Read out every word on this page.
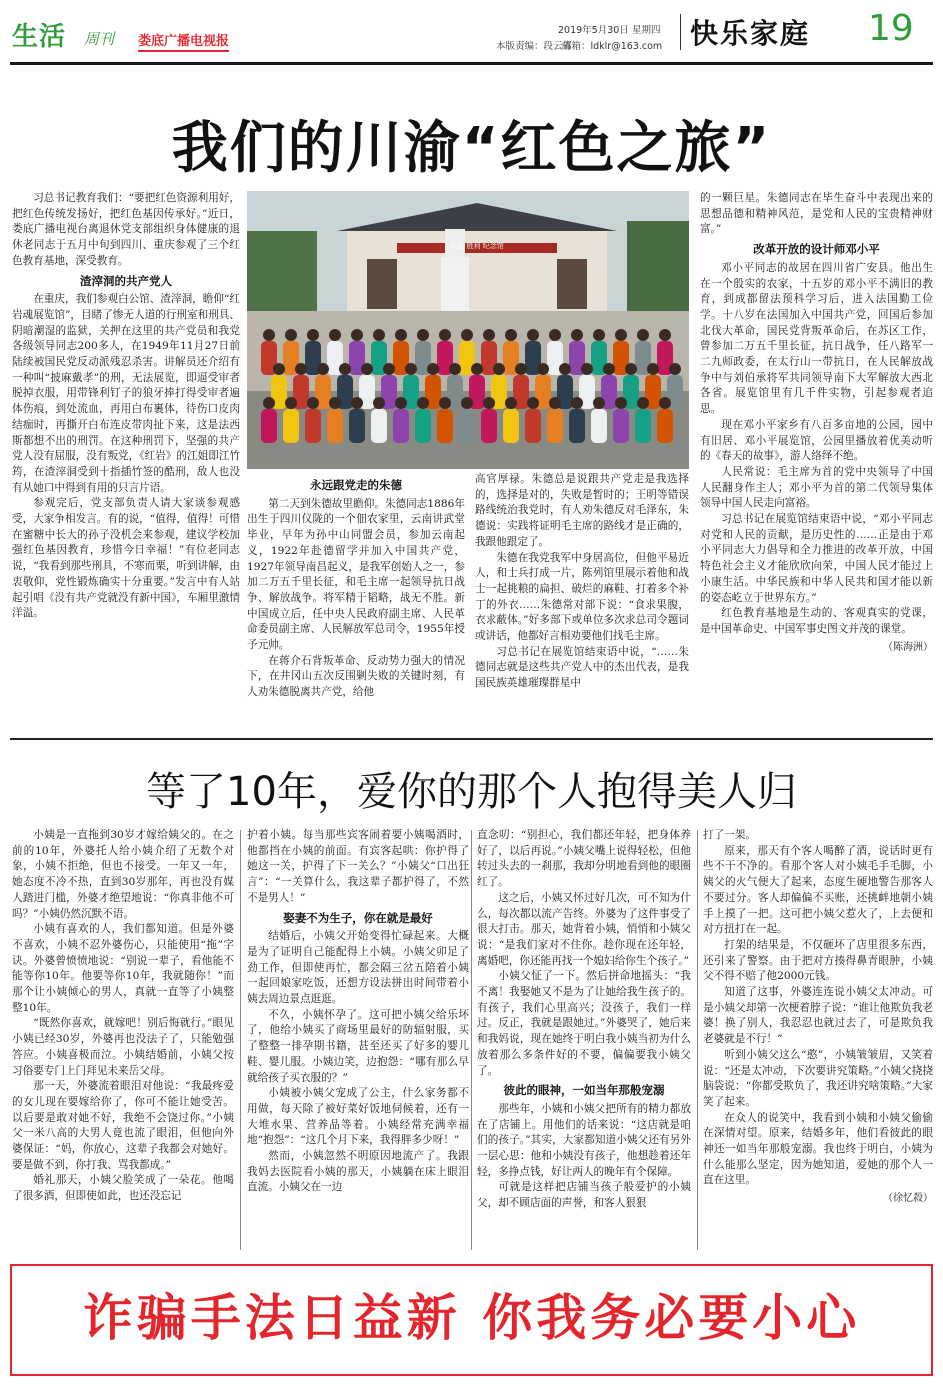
生活 周刊 娄底广播电视报
2019年5月30日 星期四
本版责编：段云青
邮箱：ldklr@163.com 快乐家庭 19
我们的川渝“红色之旅”

习总书记教育我们：“要把红色资源利用好，把红色传统发扬好，把红色基因传承好。”近日，娄底广播电视台离退休党支部组织身体健康的退休老同志于五月中旬到四川、重庆参观了三个红色教育基地，深受教育。

渣滓洞的共产党人

在重庆，我们参观白公馆、渣滓洞，瞻仰“红岩魂展览馆”，目睹了惨无人道的行刑室和刑具、阴暗潮湿的监狱，关押在这里的共产党员和我党各级领导同志200多人，在1949年11月27日前陆续被国民党反动派残忍杀害。讲解员还介绍有一种叫“披麻戴孝”的刑，无法展览，即逼受审者脱掉衣服，用带锋利钉子的狼牙捧打得受审者遍体伤痕，到处流血，再用白布裹体，待伤口皮肉结痂时，再撕开白布连皮带肉扯下来，这是法西斯都想不出的刑罚。在这种刑罚下，坚强的共产党人没有屈服，没有叛党，《红岩》的江姐即江竹筠，在渣滓洞受到十指插竹签的酷刑，敌人也没有从她口中得到有用的只言片语。

参观完后，党支部负责人请大家谈参观感受，大家争相发言。有的说，“值得，值得！可惜在蜜糖中长大的孙子没机会来参观，建议学校加强红色基因教育，珍惜今日幸福！”有位老同志说，“我看到那些刑具，不寒而栗，听到讲解，由衷敬仰，党性锻炼确实十分重要。”发言中有人站起引唱《没有共产党就没有新中国》，车厢里激情洋溢。

长征 胜利 纪念馆

永远跟党走的朱德

第二天到朱德故里瞻仰。朱德同志1886年出生于四川仪陇的一个佃农家里，云南讲武堂毕业，早年为孙中山同盟会员，参加云南起义，1922年赴德留学并加入中国共产党，1927年领导南昌起义，是我军创始人之一，参加二万五千里长征，和毛主席一起领导抗日战争、解放战争。将军精于韬略，战无不胜。新中国成立后，任中央人民政府副主席、人民革命委员副主席、人民解放军总司令，1955年授予元帅。

在蒋介石背叛革命、反动势力强大的情况下，在井冈山五次反围剿失败的关键时刻，有人劝朱德脱离共产党，给他

高官厚禄。朱德总是说跟共产党走是我选择的，选择是对的，失败是暂时的；王明等错误路线统治我党时，有人劝朱德反对毛泽东，朱德说：实践将证明毛主席的路线才是正确的，我跟他跟定了。

朱德在我党我军中身居高位，但他平易近人，和士兵打成一片，陈列馆里展示着他和战士一起挑粮的扁担、破烂的麻鞋、打着多个补丁的外衣……朱德常对部下说：“食求果腹，衣求蔽体。”好多部下或单位多次求总司令题词或讲话，他都好言相劝要他们找毛主席。

习总书记在展览馆结束语中说，“……朱德同志就是这些共产党人中的杰出代表，是我国民族英雄璀璨群星中

的一颗巨星。朱德同志在毕生奋斗中表现出来的思想品德和精神风范，是党和人民的宝贵精神财富。”

改革开放的设计师邓小平

邓小平同志的故居在四川省广安县。他出生在一个殷实的农家，十五岁的邓小平不满旧的教育，到成都留法预科学习后，进入法国勤工俭学。十八岁在法国加入中国共产党，回国后参加北伐大革命，国民党背叛革命后，在苏区工作，曾参加二万五千里长征，抗日战争，任八路军一二九师政委，在太行山一带抗日，在人民解放战争中与刘伯承将军共同领导南下大军解放大西北各省。展览馆里有几千件实物，引起参观者追思。

现在邓小平家乡有八百多亩地的公园，园中有旧居、邓小平展览馆，公园里播放着优美动听的《春天的故事》，游人络绎不绝。

人民常说：毛主席为首的党中央领导了中国人民翻身作主人；邓小平为首的第二代领导集体领导中国人民走向富裕。

习总书记在展览馆结束语中说，“邓小平同志对党和人民的贡献，是历史性的……正是由于邓小平同志大力倡导和全力推进的改革开放，中国特色社会主义才能欣欣向荣，中国人民才能过上小康生活。中华民族和中华人民共和国才能以新的姿态屹立于世界东方。”

红色教育基地是生动的、客观真实的党课，是中国革命史、中国军事史图文并茂的课堂。

（陈海洲）

等了10年，爱你的那个人抱得美人归

小姨是一直拖到30岁才嫁给姨父的。在之前的10年，外婆托人给小姨介绍了无数个对象，小姨不拒绝，但也不接受。一年又一年，她态度不冷不热，直到30岁那年，再也没有媒人踏进门槛，外婆才绝望地说：“你真非他不可吗？”小姨仍然沉默不语。

小姨有喜欢的人，我们都知道。但是外婆不喜欢，小姨不忍外婆伤心，只能使用“拖”字诀。外婆曾愤愤地说：“别说一辈子，看他能不能等你10年。他要等你10年，我就随你！”而那个让小姨倾心的男人，真就一直等了小姨整整10年。

“既然你喜欢，就嫁吧！别后悔就行。”眼见小姨已经30岁，外婆再也没法子了，只能勉强答应。小姨喜极而泣。小姨结婚前，小姨父按习俗要专门上门拜见未来岳父母。

那一天，外婆流着眼泪对他说：“我最疼爱的女儿现在要嫁给你了，你可不能让她受苦。以后要是敢对她不好，我绝不会饶过你。”小姨父一米八高的大男人竟也流了眼泪，但他向外婆保证：“妈，你放心，这辈子我都会对她好。要是做不到，你打我、骂我都成。”

婚礼那天，小姨父脸笑成了一朵花。他喝了很多酒，但即使如此，也还没忘记

护着小姨。每当那些宾客闹着要小姨喝酒时，他都挡在小姨的前面。有宾客起哄：你护得了她这一关，护得了下一关么？”小姨父“口出狂言”：“一关算什么，我这辈子都护得了，不然不是男人！”

娶妻不为生子，你在就是最好

结婚后，小姨父开始变得忙碌起来。大概是为了证明自己能配得上小姨。小姨父卯足了劲工作，但即使再忙，都会隔三岔五陪着小姨一起回娘家吃饭，还想方设法拼出时间带着小姨去周边景点逛逛。

不久，小姨怀孕了。这可把小姨父给乐坏了，他给小姨买了商场里最好的防辐射服，买了整整一排孕期书籍，甚至还买了好多的婴儿鞋、婴儿服。小姨边笑，边抱怨：“哪有那么早就给孩子买衣服的？”

小姨被小姨父宠成了公主，什么家务都不用做，每天除了被好菜好饭地伺候着，还有一大堆水果、营养品等着。小姨经常充满幸福地“抱怨”：“这几个月下来，我得胖多少呀！”

然而，小姨忽然不明原因地流产了。我跟我妈去医院看小姨的那天，小姨躺在床上眼泪直流。小姨父在一边

直念叨：“别担心，我们都还年轻，把身体养好了，以后再说。”小姨父嘴上说得轻松，但他转过头去的一刹那，我却分明地看到他的眼圈红了。

这之后，小姨又怀过好几次，可不知为什么，每次都以流产告终。外婆为了这件事受了很大打击。那天，她背着小姨，悄悄和小姨父说：“是我们家对不住你。趁你现在还年轻，离婚吧，你还能再找一个媳妇给你生个孩子。”

小姨父怔了一下。然后拼命地摇头：“我不离！我娶她又不是为了让她给我生孩子的。有孩子，我们心里高兴；没孩子，我们一样过。反正，我就是跟她过。”外婆哭了，她后来和我妈说，现在她终于明白我小姨当初为什么放着那么多条件好的不要，偏偏要我小姨父了。

彼此的眼神，一如当年那般宠溺

那些年，小姨和小姨父把所有的精力都放在了店铺上。用他们的话来说：“这店就是咱们的孩子。”其实，大家都知道小姨父还有另外一层心思：他和小姨没有孩子，他想趁着还年轻，多挣点钱，好让两人的晚年有个保障。

可就是这样把店铺当孩子般爱护的小姨父，却不顾店面的声誉，和客人狠狠

打了一架。

原来，那天有个客人喝醉了酒，说话时更有些不干不净的。看那个客人对小姨毛手毛脚，小姨父的火气便大了起来，态度生硬地警告那客人不要过分。客人却偏偏不买账，还挑衅地朝小姨手上摸了一把。这可把小姨父惹火了，上去便和对方扭打在一起。

打架的结果是，不仅砸坏了店里很多东西，还引来了警察。由于把对方揍得鼻青眼肿，小姨父不得不赔了他2000元钱。

知道了这事，外婆连连说小姨父太冲动。可是小姨父却第一次梗着脖子说：“谁让他欺负我老婆！换了别人，我忍忍也就过去了，可是欺负我老婆就是不行！”

听到小姨父这么“憨”，小姨皱皱眉，又笑着说：“还是太冲动，下次要讲究策略。”小姨父挠挠脑袋说：“你都受欺负了，我还讲究啥策略。”大家笑了起来。

在众人的说笑中，我看到小姨和小姨父偷偷在深情对望。原来，结婚多年，他们看彼此的眼神还一如当年那般宠溺。我也终于明白，小姨为什么能那么坚定，因为她知道，爱她的那个人一直在这里。

（徐忆殺）

诈骗手法日益新 你我务必要小心
